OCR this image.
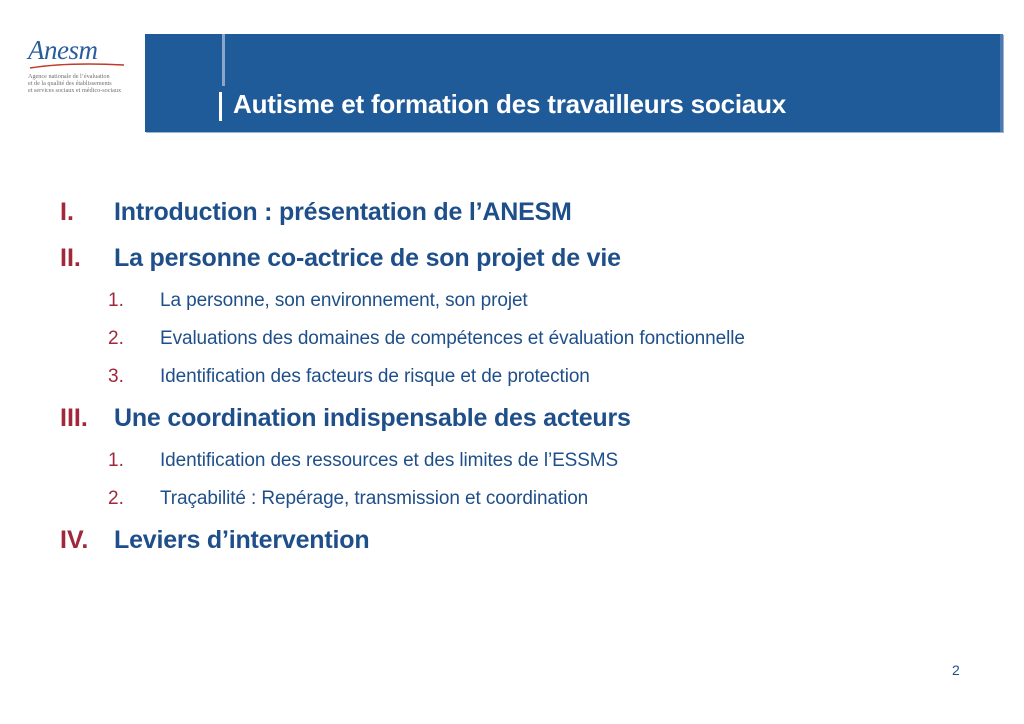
Anesm
Agence nationale de l’évaluation
et de la qualité des établissements
et services sociaux et médico-sociaux	Autisme et formation des travailleurs sociaux
I. Introduction : présentation de l’ANESM
II. La personne co-actrice de son projet de vie
1. La personne, son environnement, son projet
2. Evaluations des domaines de compétences et évaluation fonctionnelle
3. Identification des facteurs de risque et de protection
III. Une coordination indispensable des acteurs
1. Identification des ressources et des limites de l’ESSMS
2. Traçabilité : Repérage, transmission et coordination
IV. Leviers d’intervention
2
